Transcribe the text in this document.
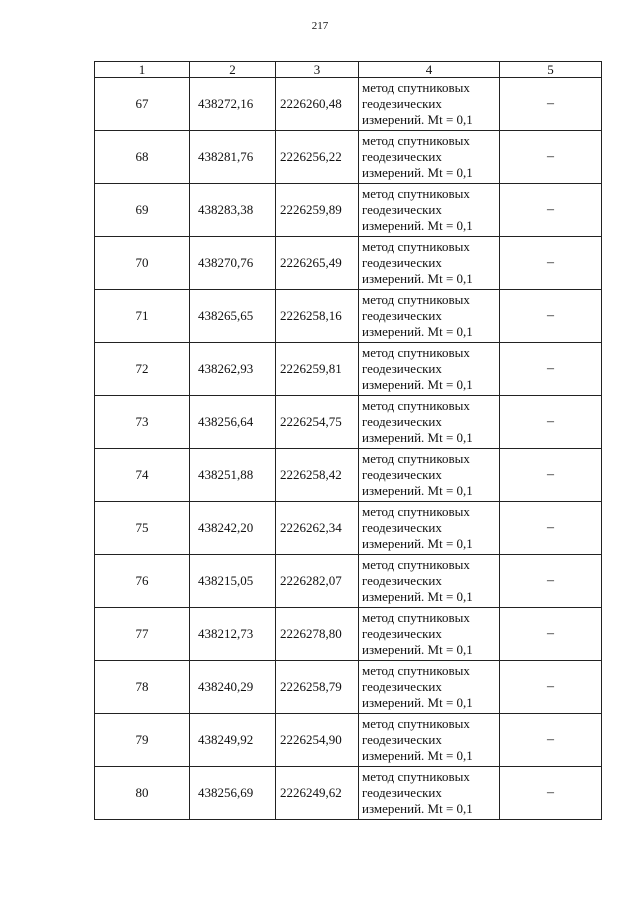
217
1	2	3	4	5
67	438272,16	2226260,48	метод спутниковых
геодезических
измерений. Mt = 0,1	–
68	438281,76	2226256,22	метод спутниковых
геодезических
измерений. Mt = 0,1	–
69	438283,38	2226259,89	метод спутниковых
геодезических
измерений. Mt = 0,1	–
70	438270,76	2226265,49	метод спутниковых
геодезических
измерений. Mt = 0,1	–
71	438265,65	2226258,16	метод спутниковых
геодезических
измерений. Mt = 0,1	–
72	438262,93	2226259,81	метод спутниковых
геодезических
измерений. Mt = 0,1	–
73	438256,64	2226254,75	метод спутниковых
геодезических
измерений. Mt = 0,1	–
74	438251,88	2226258,42	метод спутниковых
геодезических
измерений. Mt = 0,1	–
75	438242,20	2226262,34	метод спутниковых
геодезических
измерений. Mt = 0,1	–
76	438215,05	2226282,07	метод спутниковых
геодезических
измерений. Mt = 0,1	–
77	438212,73	2226278,80	метод спутниковых
геодезических
измерений. Mt = 0,1	–
78	438240,29	2226258,79	метод спутниковых
геодезических
измерений. Mt = 0,1	–
79	438249,92	2226254,90	метод спутниковых
геодезических
измерений. Mt = 0,1	–
80	438256,69	2226249,62	метод спутниковых
геодезических
измерений. Mt = 0,1	–
